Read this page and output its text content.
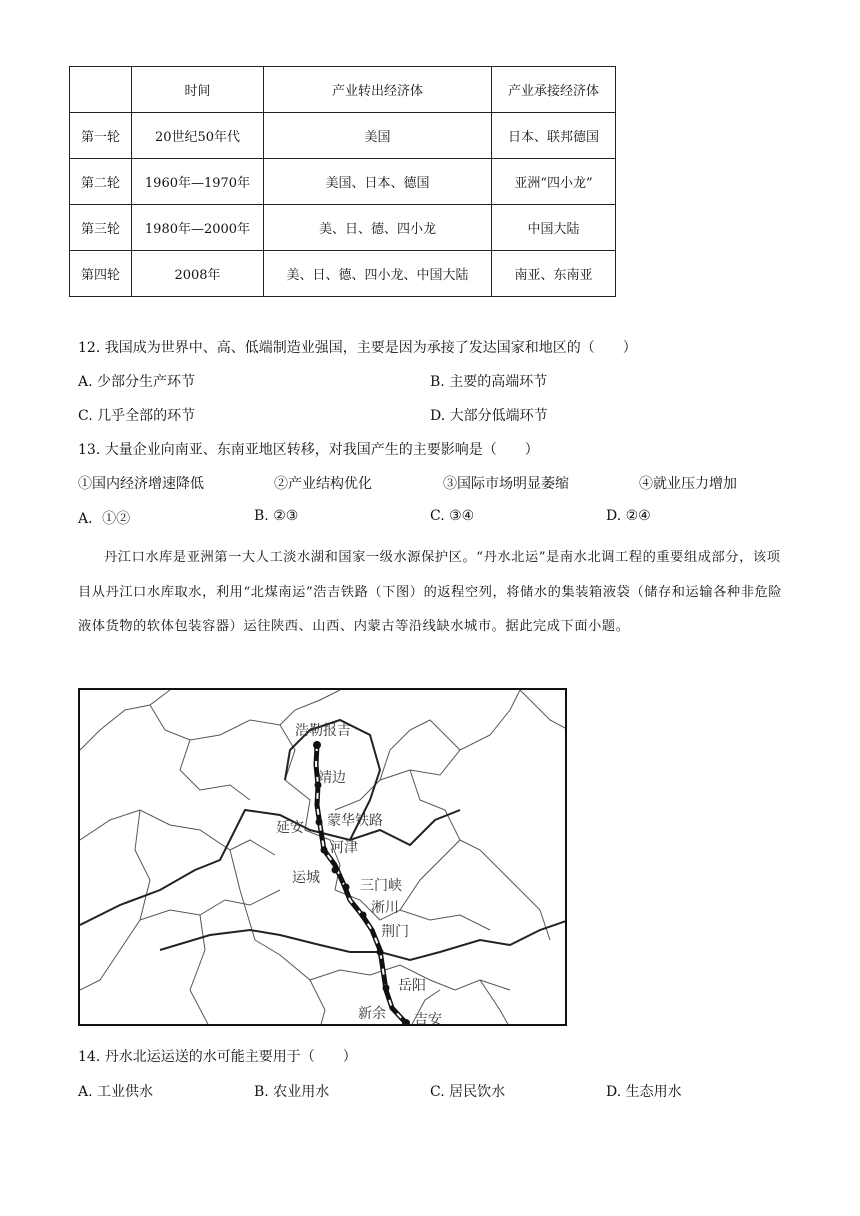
	时间	产业转出经济体	产业承接经济体
第一轮	20世纪50年代	美国	日本、联邦德国
第二轮	1960年—1970年	美国、日本、德国	亚洲“四小龙”
第三轮	1980年—2000年	美、日、德、四小龙	中国大陆
第四轮	2008年	美、日、德、四小龙、中国大陆	南亚、东南亚
12. 我国成为世界中、高、低端制造业强国，主要是因为承接了发达国家和地区的（　　）
A. 少部分生产环节	B. 主要的高端环节
C. 几乎全部的环节	D. 大部分低端环节
13. 大量企业向南亚、东南亚地区转移，对我国产生的主要影响是（　　）
①国内经济增速降低	②产业结构优化	③国际市场明显萎缩	④就业压力增加
A．①②	B. ②③	C. ③④	D. ②④
丹江口水库是亚洲第一大人工淡水湖和国家一级水源保护区。“丹水北运”是南水北调工程的重要组成部分，该项目从丹江口水库取水，利用“北煤南运”浩吉铁路（下图）的返程空列，将储水的集装箱液袋（储存和运输各种非危险液体货物的软体包装容器）运往陕西、山西、内蒙古等沿线缺水城市。据此完成下面小题。
浩勒报吉
靖边
延安 蒙华铁路
河津
运城	三门峡
淅川
荆门
岳阳
新余 吉安
14. 丹水北运运送的水可能主要用于（　　）
A. 工业供水	B. 农业用水	C. 居民饮水	D. 生态用水
